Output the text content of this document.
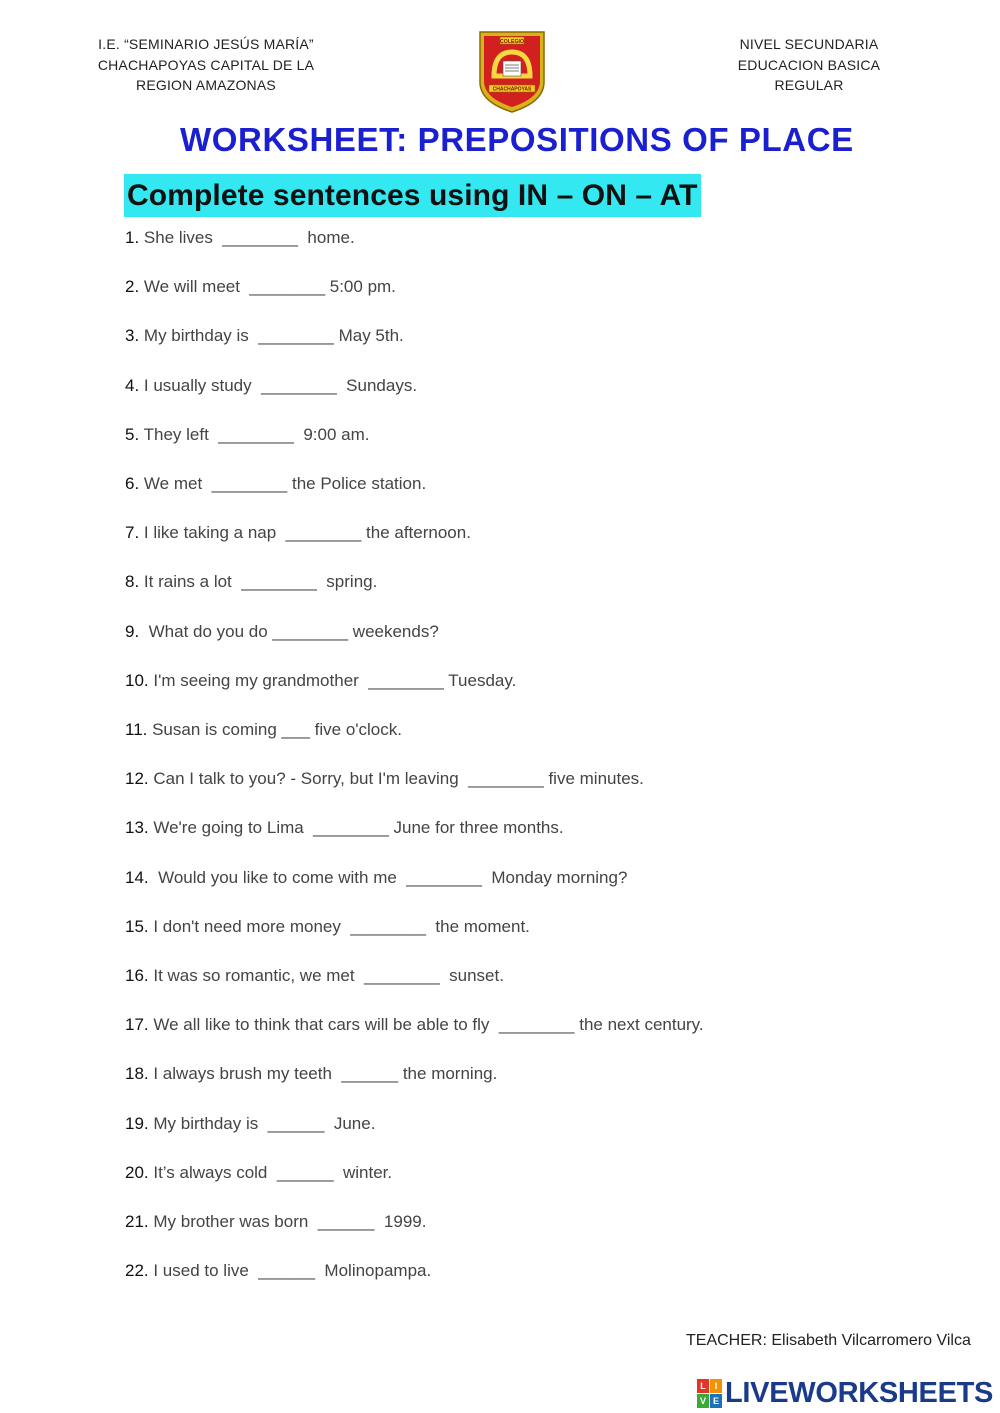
I.E. “SEMINARIO JESÚS MARÍA”
CHACHAPOYAS CAPITAL DE LA
REGION AMAZONAS
COLEGIO
CHACHAPOYAS
NIVEL SECUNDARIA
EDUCACION BASICA
REGULAR
WORKSHEET: PREPOSITIONS OF PLACE
Complete sentences using IN – ON – AT
1. She lives  ________  home.
2. We will meet  ________ 5:00 pm.
3. My birthday is  ________ May 5th.
4. I usually study  ________  Sundays.
5. They left  ________  9:00 am.
6. We met  ________ the Police station.
7. I like taking a nap  ________ the afternoon.
8. It rains a lot  ________  spring.
9.  What do you do ________ weekends?
10. I'm seeing my grandmother  ________ Tuesday.
11. Susan is coming ___ five o'clock.
12. Can I talk to you? - Sorry, but I'm leaving  ________ five minutes.
13. We're going to Lima  ________ June for three months.
14.  Would you like to come with me  ________  Monday morning?
15. I don't need more money  ________  the moment.
16. It was so romantic, we met  ________  sunset.
17. We all like to think that cars will be able to fly  ________ the next century.
18. I always brush my teeth  ______ the morning.
19. My birthday is  ______  June.
20. It’s always cold  ______  winter.
21. My brother was born  ______  1999.
22. I used to live  ______  Molinopampa.
TEACHER: Elisabeth Vilcarromero Vilca
L I
V E LIVEWORKSHEETS
